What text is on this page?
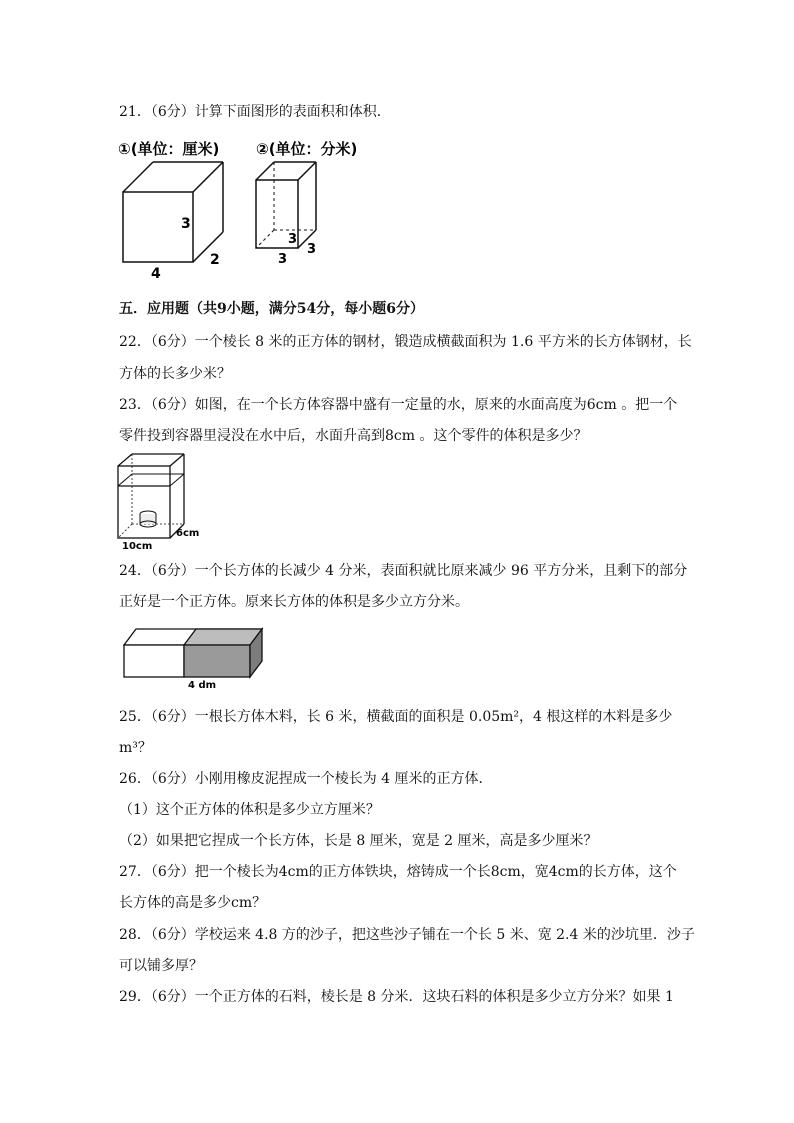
21．（6分）计算下面图形的表面积和体积．
①(单位：厘米)
3
2
4
②(单位：分米)
3
3
3
五．应用题（共9小题，满分54分，每小题6分）
22．（6分）一个棱长 8 米的正方体的钢材，锻造成横截面积为 1.6 平方米的长方体钢材，长
方体的长多少米？
23．（6分）如图，在一个长方体容器中盛有一定量的水，原来的水面高度为6cm 。把一个
零件投到容器里浸没在水中后，水面升高到8cm 。这个零件的体积是多少？
6cm
10cm
24．（6分）一个长方体的长减少 4 分米，表面积就比原来减少 96 平方分米，且剩下的部分
正好是一个正方体。原来长方体的体积是多少立方分米。
4 dm
25．（6分）一根长方体木料，长 6 米，横截面的面积是 0.05m²，4 根这样的木料是多少
m³？
26．（6分）小刚用橡皮泥捏成一个棱长为 4 厘米的正方体．
（1）这个正方体的体积是多少立方厘米？
（2）如果把它捏成一个长方体，长是 8 厘米，宽是 2 厘米，高是多少厘米？
27．（6分）把一个棱长为4cm的正方体铁块，熔铸成一个长8cm，宽4cm的长方体，这个
长方体的高是多少cm？
28．（6分）学校运来 4.8 方的沙子，把这些沙子铺在一个长 5 米、宽 2.4 米的沙坑里．沙子
可以铺多厚？
29．（6分）一个正方体的石料，棱长是 8 分米．这块石料的体积是多少立方分米？如果 1
